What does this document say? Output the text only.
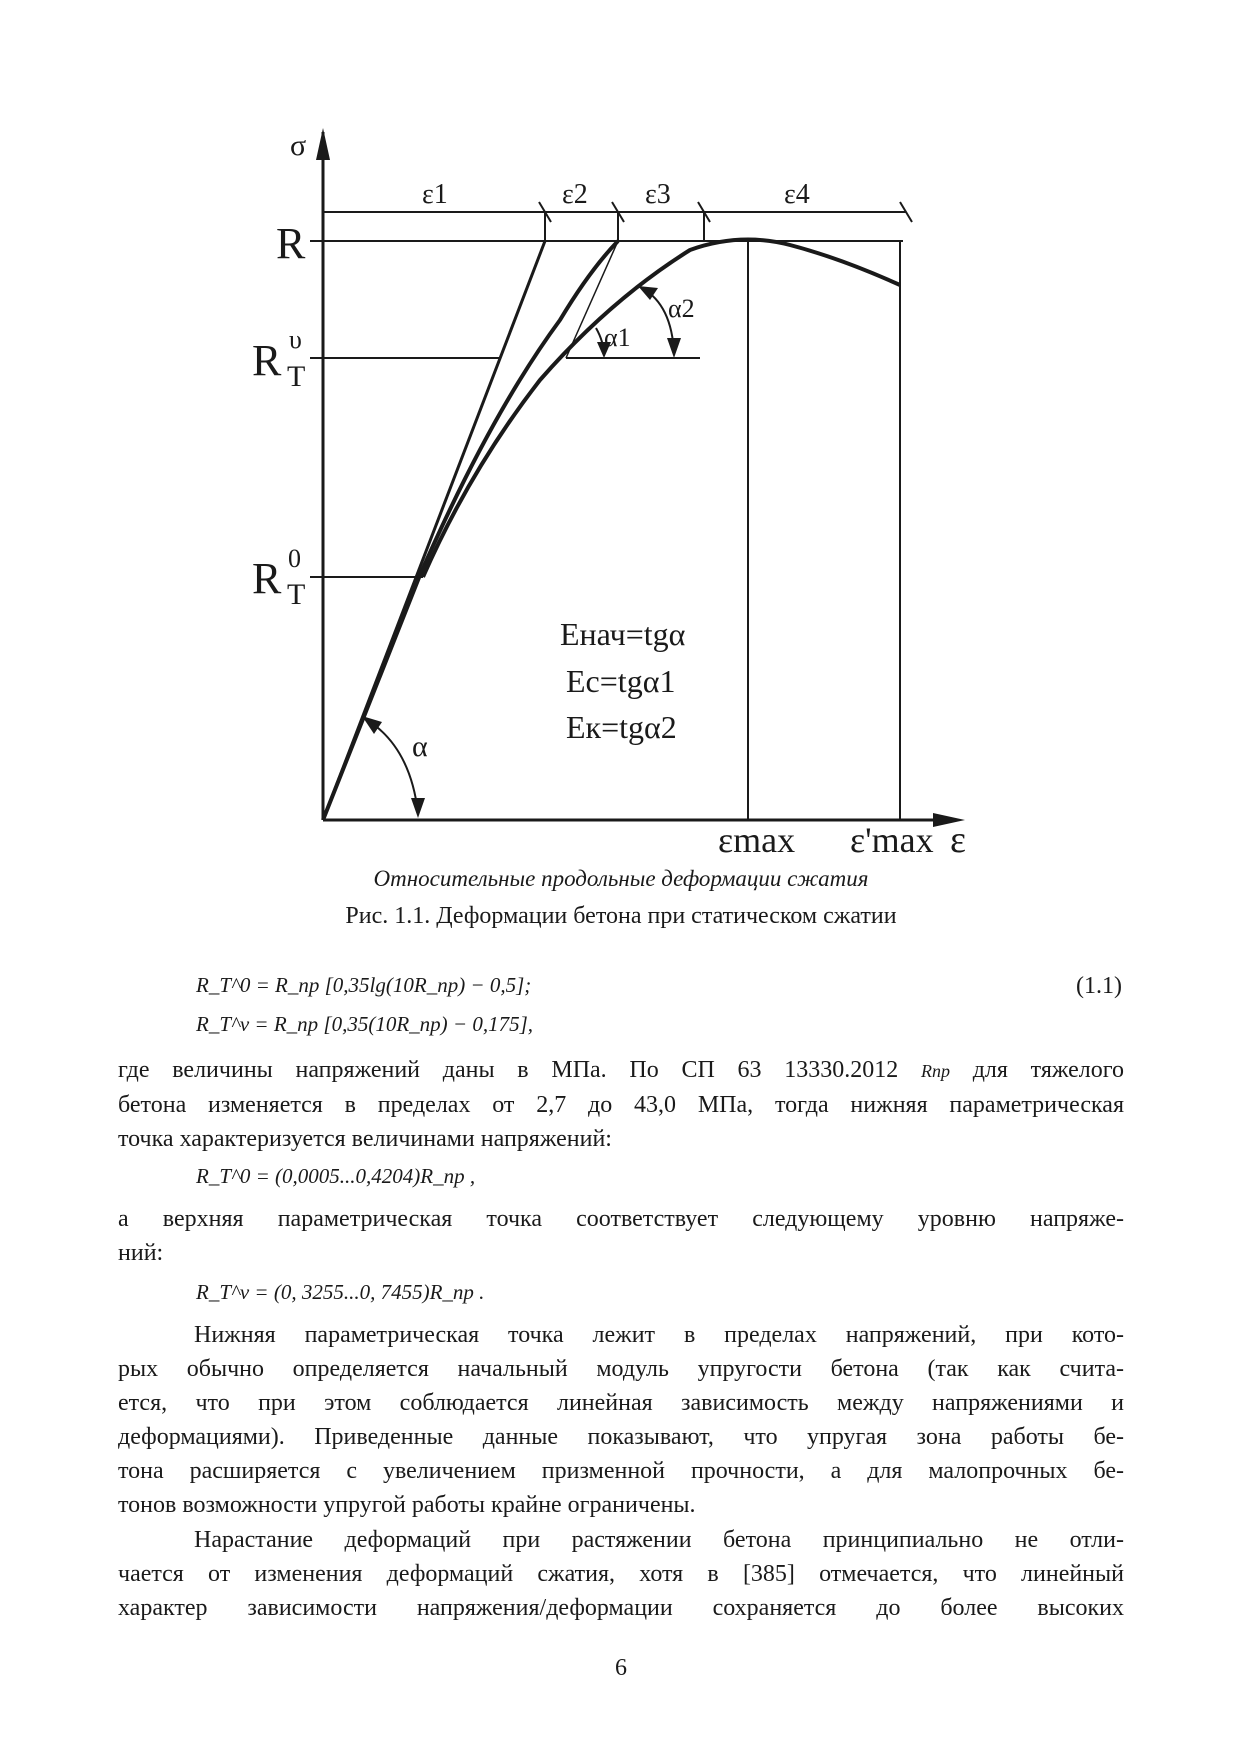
σ
ε
R
R υ
T
R 0
T
ε1	ε2 ε3	ε4
α
α1
α2
Енач=tgα
Ес=tgα1
Ек=tgα2
εmax ε'max
Относительные продольные деформации сжатия
Рис. 1.1. Деформации бетона при статическом сжатии
R_T^0 = R_пр [0,35lg(10R_пр) − 0,5];	(1.1)
R_T^v = R_пр [0,35(10R_пр) − 0,175],
где величины напряжений даны в МПа. По СП 63 13330.2012 Rпр для тяжелого
бетона изменяется в пределах от 2,7 до 43,0 МПа, тогда нижняя параметрическая
точка характеризуется величинами напряжений:
R_T^0 = (0,0005...0,4204)R_пр ,
а верхняя параметрическая точка соответствует следующему уровню напряже-
ний:
R_T^v = (0, 3255...0, 7455)R_пр .
Нижняя параметрическая точка лежит в пределах напряжений, при кото-
рых обычно определяется начальный модуль упругости бетона (так как счита-
ется, что при этом соблюдается линейная зависимость между напряжениями и
деформациями). Приведенные данные показывают, что упругая зона работы бе-
тона расширяется с увеличением призменной прочности, а для малопрочных бе-
тонов возможности упругой работы крайне ограничены.
Нарастание деформаций при растяжении бетона принципиально не отли-
чается от изменения деформаций сжатия, хотя в [385] отмечается, что линейный
характер зависимости напряжения/деформации сохраняется до более высоких
6
